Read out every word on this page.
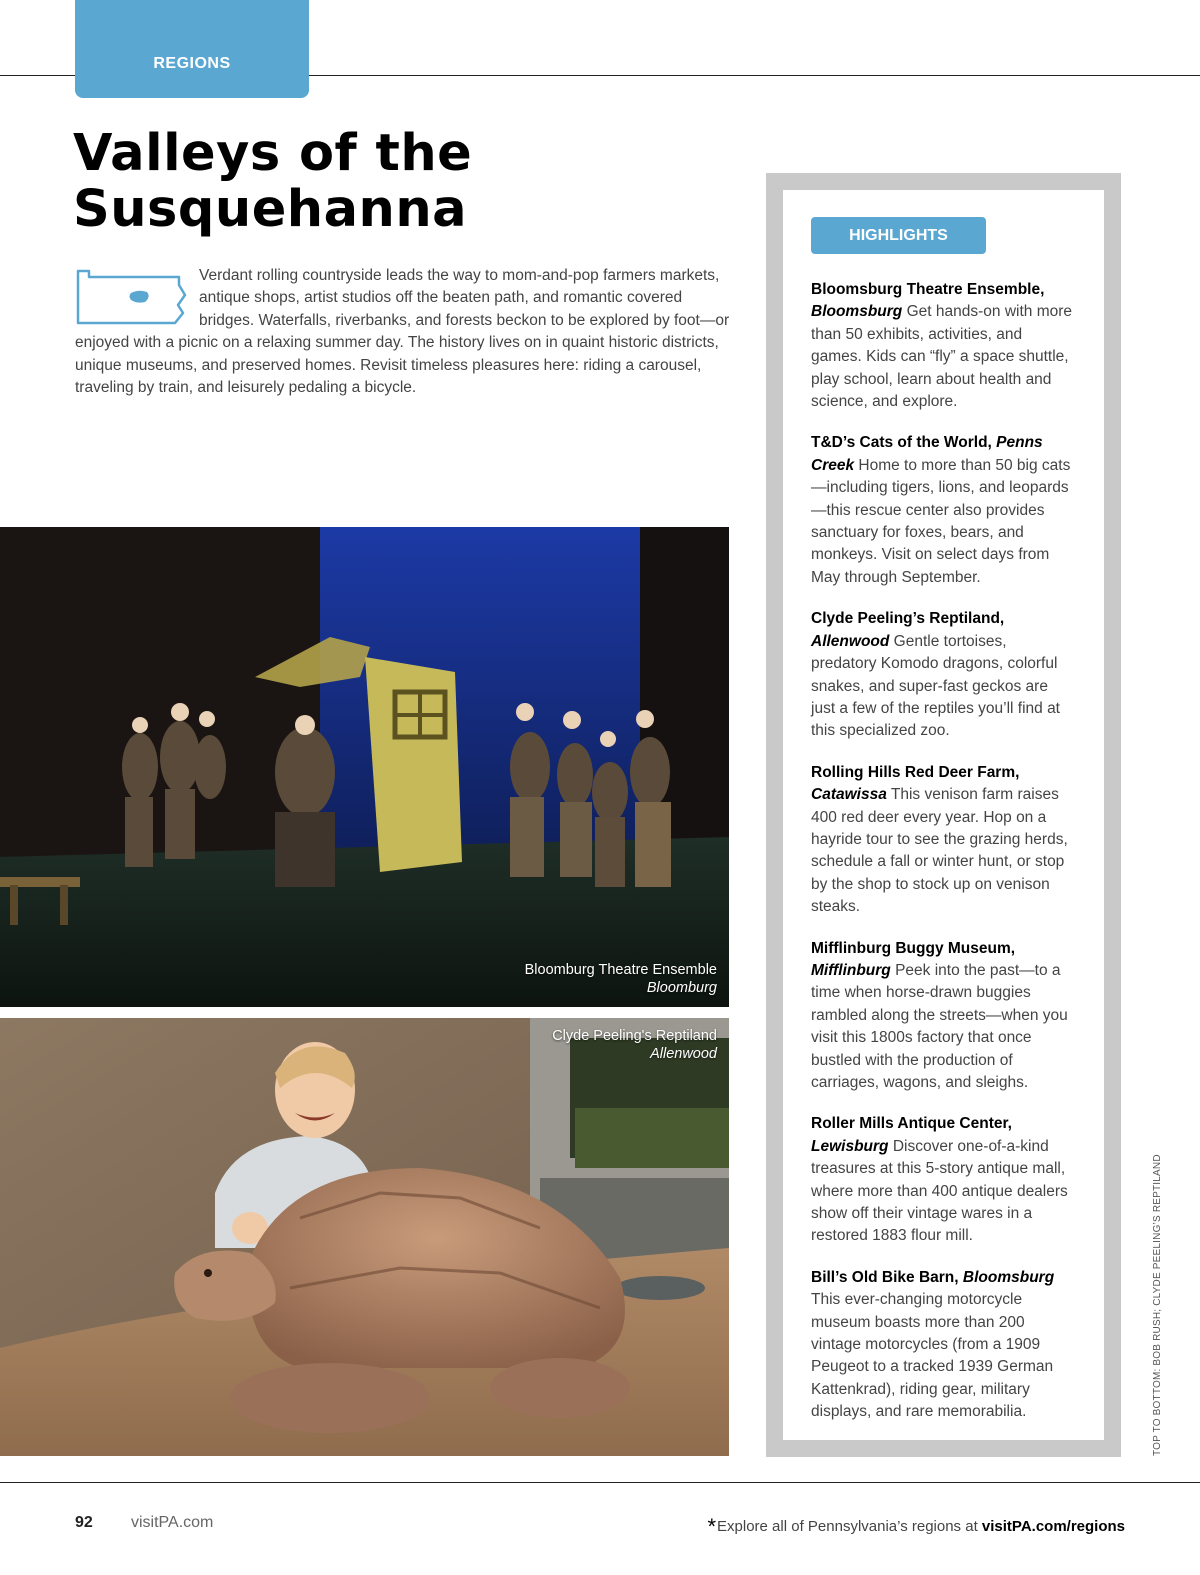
REGIONS
Valleys of the
Susquehanna
Verdant rolling countryside leads the way to mom-and-pop farmers markets, antique shops, artist studios off the beaten path, and romantic covered bridges. Waterfalls, riverbanks, and forests beckon to be explored by foot—or enjoyed with a picnic on a relaxing summer day. The history lives on in quaint historic districts, unique museums, and preserved homes. Revisit timeless pleasures here: riding a carousel, traveling by train, and leisurely pedaling a bicycle.
Bloomburg Theatre Ensemble
Bloomburg
Clyde Peeling's Reptiland
Allenwood
HIGHLIGHTS

Bloomsburg Theatre Ensemble, Bloomsburg Get hands-on with more than 50 exhibits, activities, and games. Kids can “fly” a space shuttle, play school, learn about health and science, and explore.

T&D’s Cats of the World, Penns Creek Home to more than 50 big cats—including tigers, lions, and leopards—this rescue center also provides sanctuary for foxes, bears, and monkeys. Visit on select days from May through September.

Clyde Peeling’s Reptiland, Allenwood Gentle tortoises, predatory Komodo dragons, colorful snakes, and super-fast geckos are just a few of the reptiles you’ll find at this specialized zoo.

Rolling Hills Red Deer Farm, Catawissa This venison farm raises 400 red deer every year. Hop on a hayride tour to see the grazing herds, schedule a fall or winter hunt, or stop by the shop to stock up on venison steaks.

Mifflinburg Buggy Museum, Mifflinburg Peek into the past—to a time when horse-drawn buggies rambled along the streets—when you visit this 1800s factory that once bustled with the production of carriages, wagons, and sleighs.

Roller Mills Antique Center, Lewisburg Discover one-of-a-kind treasures at this 5-story antique mall, where more than 400 antique dealers show off their vintage wares in a restored 1883 flour mill.

Bill’s Old Bike Barn, Bloomsburg This ever-changing motorcycle museum boasts more than 200 vintage motorcycles (from a 1909 Peugeot to a tracked 1939 German Kattenkrad), riding gear, military displays, and rare memorabilia.	TOP TO BOTTOM: BOB RUSH; CLYDE PEELING’S REPTILAND
92 visitPA.com	*Explore all of Pennsylvania’s regions at visitPA.com/regions
